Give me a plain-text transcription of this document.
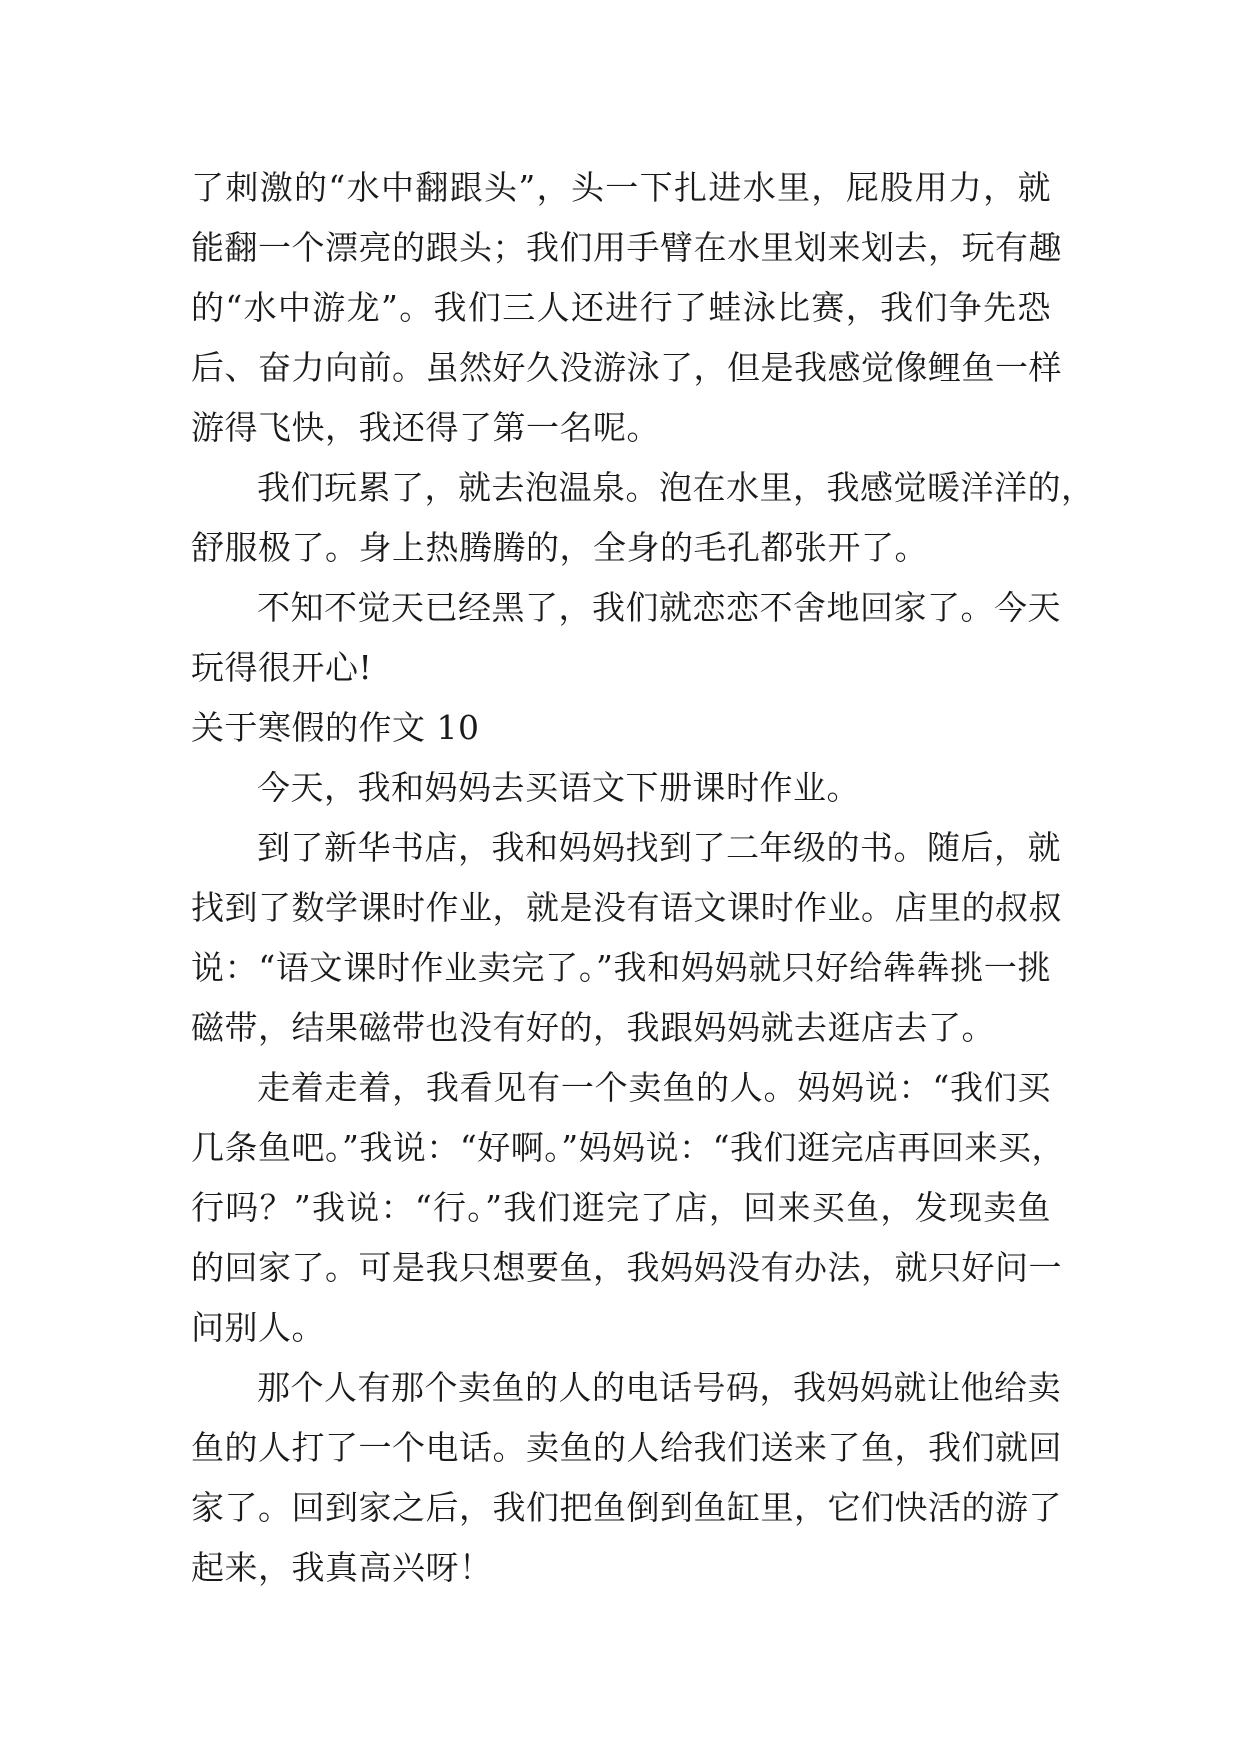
了刺激的“水中翻跟头”，头一下扎进水里，屁股用力，就
能翻一个漂亮的跟头；我们用手臂在水里划来划去，玩有趣
的“水中游龙”。我们三人还进行了蛙泳比赛，我们争先恐
后、奋力向前。虽然好久没游泳了，但是我感觉像鲤鱼一样
游得飞快，我还得了第一名呢。
我们玩累了，就去泡温泉。泡在水里，我感觉暖洋洋的，
舒服极了。身上热腾腾的，全身的毛孔都张开了。
不知不觉天已经黑了，我们就恋恋不舍地回家了。今天
玩得很开心!
关于寒假的作文 10
今天，我和妈妈去买语文下册课时作业。
到了新华书店，我和妈妈找到了二年级的书。随后，就
找到了数学课时作业，就是没有语文课时作业。店里的叔叔
说：“语文课时作业卖完了。”我和妈妈就只好给犇犇挑一挑
磁带，结果磁带也没有好的，我跟妈妈就去逛店去了。
走着走着，我看见有一个卖鱼的人。妈妈说：“我们买
几条鱼吧。”我说：“好啊。”妈妈说：“我们逛完店再回来买，
行吗？”我说：“行。”我们逛完了店，回来买鱼，发现卖鱼
的回家了。可是我只想要鱼，我妈妈没有办法，就只好问一
问别人。
那个人有那个卖鱼的人的电话号码，我妈妈就让他给卖
鱼的人打了一个电话。卖鱼的人给我们送来了鱼，我们就回
家了。回到家之后，我们把鱼倒到鱼缸里，它们快活的游了
起来，我真高兴呀！
